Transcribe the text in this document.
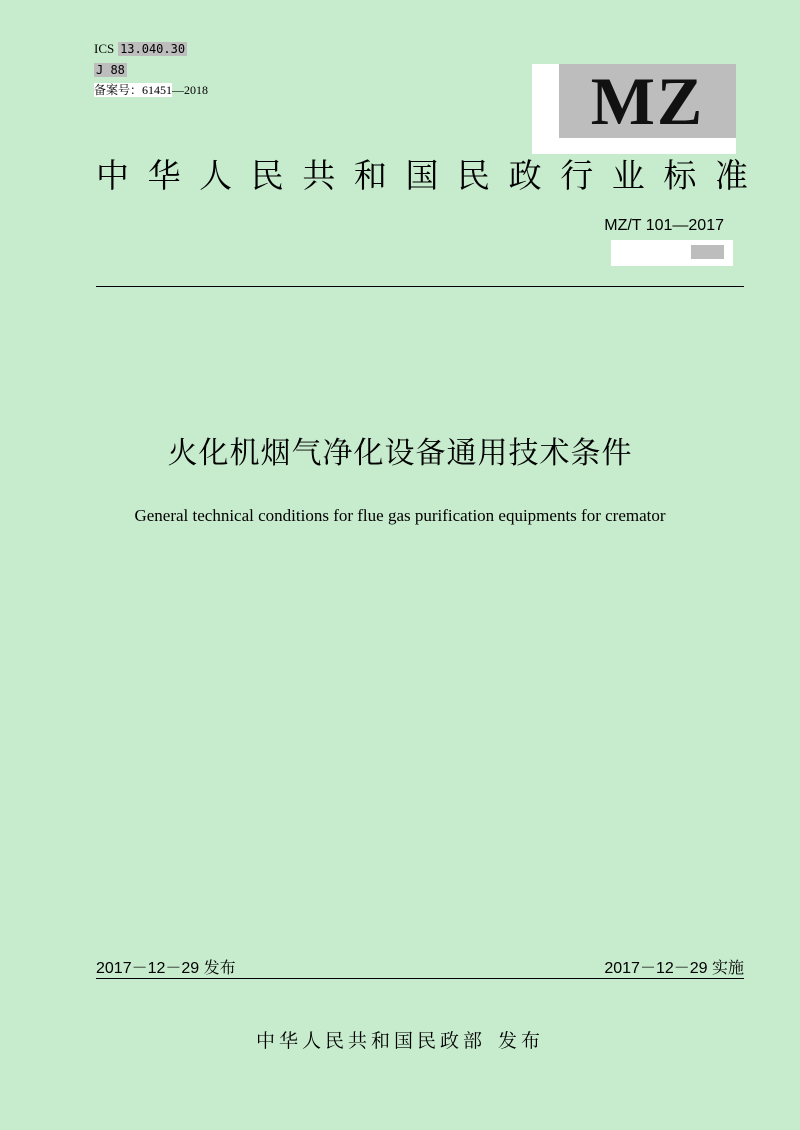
ICS 13.040.30
J 88
备案号：61451—2018	MZ
中 华 人 民 共 和 国 民 政 行 业 标 准
MZ/T 101—2017
火化机烟气净化设备通用技术条件
General technical conditions for flue gas purification equipments for cremator
2017－12－29 发布	2017－12－29 实施
中华人民共和国民政部 发布
